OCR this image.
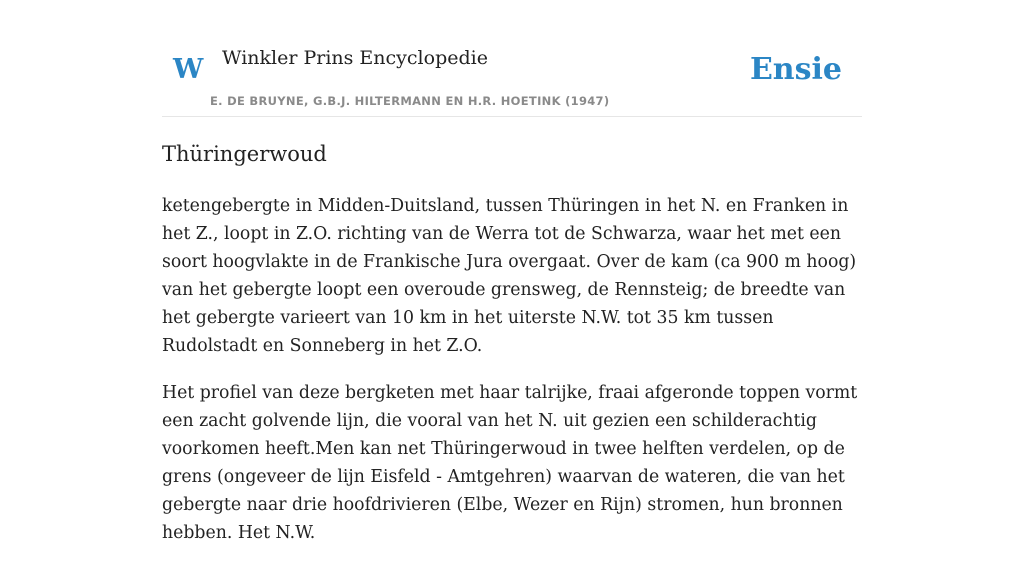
W Winkler Prins Encyclopedie
E. DE BRUYNE, G.B.J. HILTERMANN EN H.R. HOETINK (1947)
Ensie
Thüringerwoud

ketengebergte in Midden-Duitsland, tussen Thüringen in het N. en Franken in het Z., loopt in Z.O. richting van de Werra tot de Schwarza, waar het met een soort hoogvlakte in de Frankische Jura overgaat. Over de kam (ca 900 m hoog) van het gebergte loopt een overoude grensweg, de Rennsteig; de breedte van het gebergte varieert van 10 km in het uiterste N.W. tot 35 km tussen Rudolstadt en Sonneberg in het Z.O.

Het profiel van deze bergketen met haar talrijke, fraai afgeronde toppen vormt een zacht golvende lijn, die vooral van het N. uit gezien een schilderachtig voorkomen heeft.Men kan net Thüringerwoud in twee helften verdelen, op de grens (ongeveer de lijn Eisfeld - Amtgehren) waarvan de wateren, die van het gebergte naar drie hoofdrivieren (Elbe, Wezer en Rijn) stromen, hun bronnen hebben. Het N.W.
